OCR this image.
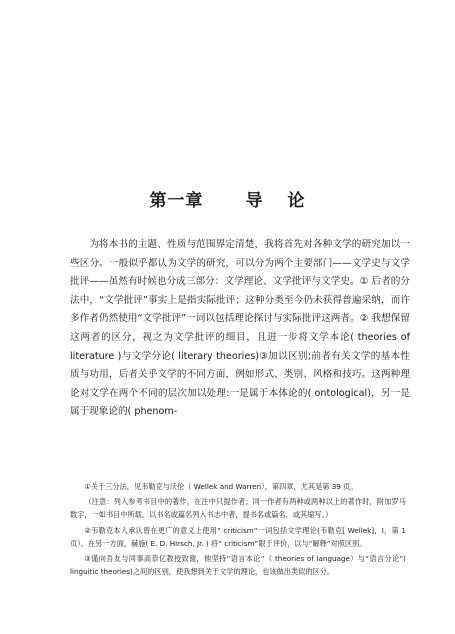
第一章 导 论

为将本书的主题、性质与范围界定清楚，我将首先对各种文学的研究加以一些区分。一般似乎都认为文学的研究，可以分为两个主要部门——文学史与文学批评——虽然有时候也分成三部分：文学理论、文学批评与文学史。① 后者的分法中，“文学批评”事实上是指实际批评；这种分类至今仍未获得普遍采纳，而许多作者仍然使用“文学批评”一词以包括理论探讨与实际批评这两者。② 我想保留这两者的区分，视之为文学批评的细目，且进一步将文学本论( theories of literature )与文学分论( literary theories)③加以区别;前者有关文学的基本性质与功用，后者关乎文学的不同方面，例如形式、类别、风格和技巧。这两种理论对文学在两个不同的层次加以处理:一是属于本体论的( ontological)，另一是属于现象论的( phenom-

①关于三分法，见韦勒克与沃伦（ Wellek and Warren），第四章，尤其是第 39 页。

（注意：列入参考书目中的著作，在注中只提作者；同一作者有两种或两种以上的著作时，附加罗马数字，一如书目中所载。以书名或篇名列入书志中者，提书名或篇名，或其缩写。）

②韦勒克本人承认曾在更广的意义上使用“ criticism”一词包括文学理论(韦勒克[ Wellek]，Ⅰ，第 1 页）。在另一方面，赫施( E. D. Hirsch, Jr. ) 将“ criticism”限于评价，以与“解释”对照区别。

③谨向吾友与同事高恭亿教授致谢，他坚持“语言本论”（ theories of language）与“语言分论”( linguitic theories)之间的区别，使我想到关于文学的理论，也该做出类似的区分。
